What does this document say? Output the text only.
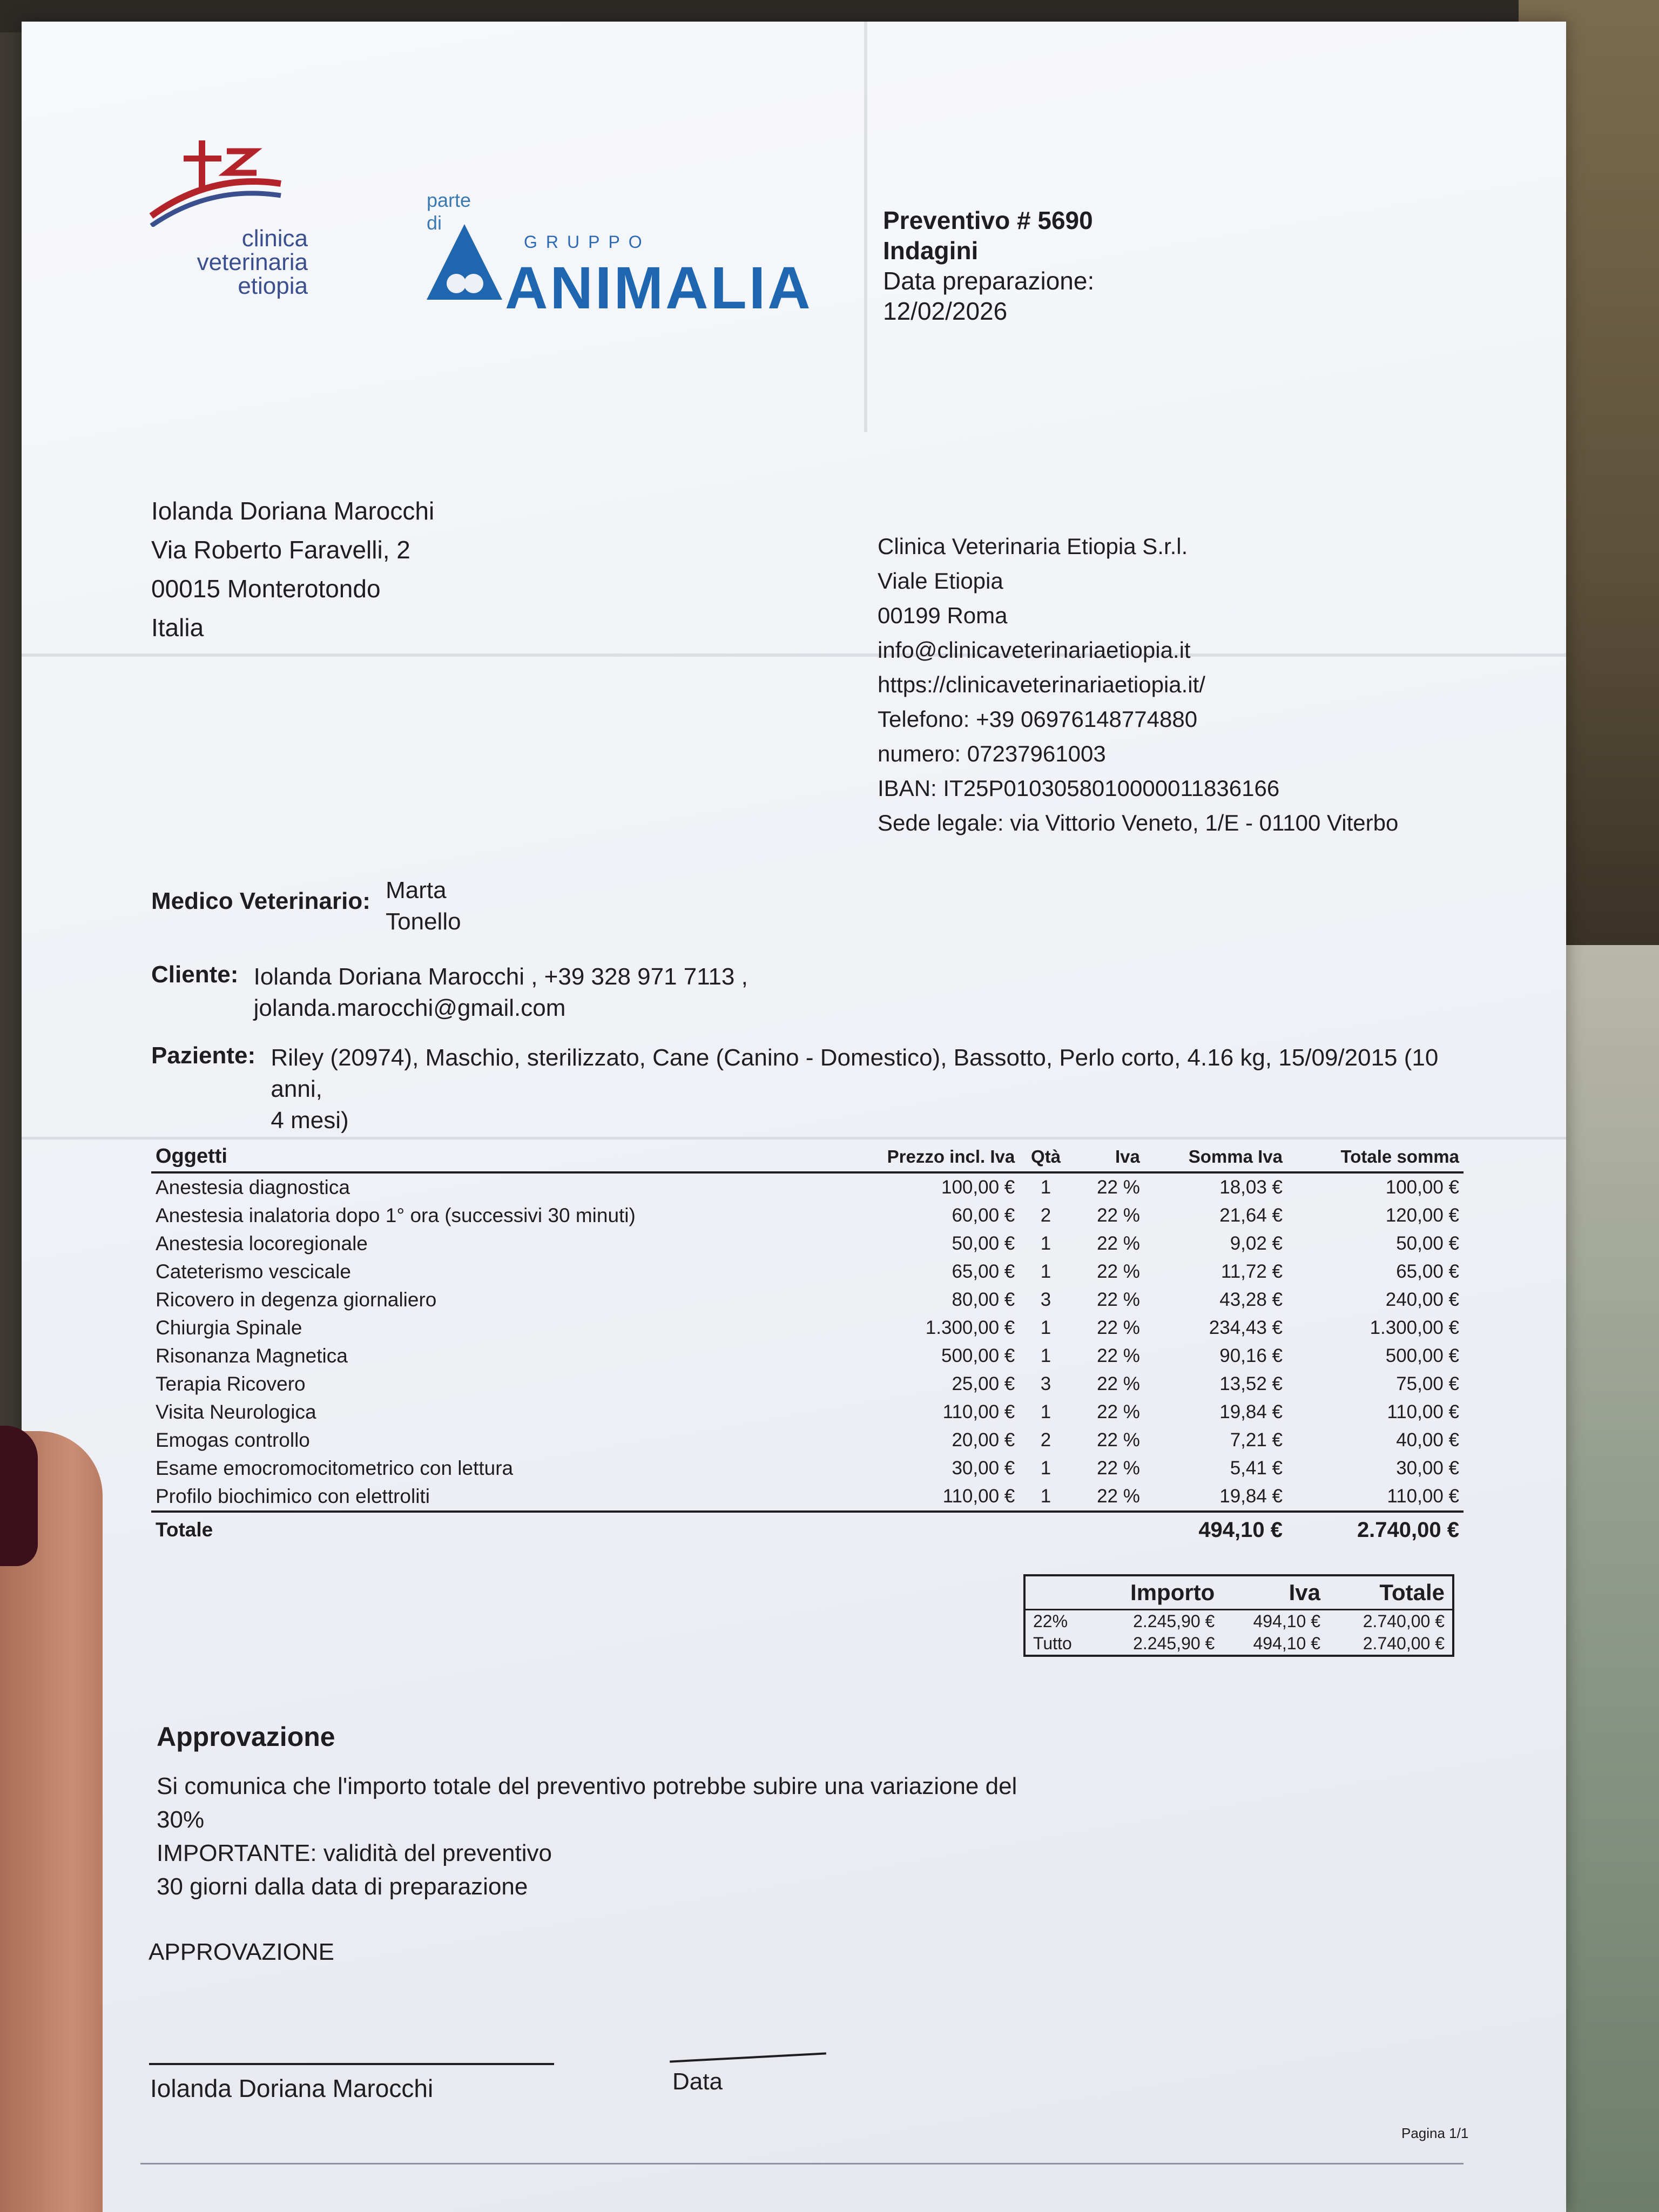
clinica
veterinaria
etiopia
parte di
GRUPPO
ANIMALIA
Preventivo # 5690
Indagini
Data preparazione:
12/02/2026
Iolanda Doriana Marocchi
Via Roberto Faravelli, 2
00015 Monterotondo
Italia
Clinica Veterinaria Etiopia S.r.l.
Viale Etiopia
00199 Roma
info@clinicaveterinariaetiopia.it
https://clinicaveterinariaetiopia.it/
Telefono: +39 06976148774880
numero: 07237961003
IBAN: IT25P0103058010000011836166
Sede legale: via Vittorio Veneto, 1/E - 01100 Viterbo
Medico Veterinario: Marta
Tonello
Cliente: Iolanda Doriana Marocchi , +39 328 971 7113 ,
jolanda.marocchi@gmail.com
Paziente: Riley (20974), Maschio, sterilizzato, Cane (Canino - Domestico), Bassotto, Perlo corto, 4.16 kg, 15/09/2015 (10 anni,
4 mesi)
Oggetti	Prezzo incl. Iva	Qtà	Iva	Somma Iva	Totale somma
Anestesia diagnostica	100,00 €	1	22 %	18,03 €	100,00 €
Anestesia inalatoria dopo 1° ora (successivi 30 minuti)	60,00 €	2	22 %	21,64 €	120,00 €
Anestesia locoregionale	50,00 €	1	22 %	9,02 €	50,00 €
Cateterismo vescicale	65,00 €	1	22 %	11,72 €	65,00 €
Ricovero in degenza giornaliero	80,00 €	3	22 %	43,28 €	240,00 €
Chiurgia Spinale	1.300,00 €	1	22 %	234,43 €	1.300,00 €
Risonanza Magnetica	500,00 €	1	22 %	90,16 €	500,00 €
Terapia Ricovero	25,00 €	3	22 %	13,52 €	75,00 €
Visita Neurologica	110,00 €	1	22 %	19,84 €	110,00 €
Emogas controllo	20,00 €	2	22 %	7,21 €	40,00 €
Esame emocromocitometrico con lettura	30,00 €	1	22 %	5,41 €	30,00 €
Profilo biochimico con elettroliti	110,00 €	1	22 %	19,84 €	110,00 €
Totale				494,10 €	2.740,00 €
	Importo	Iva	Totale
22%	2.245,90 €	494,10 €	2.740,00 €
Tutto	2.245,90 €	494,10 €	2.740,00 €
Approvazione
Si comunica che l'importo totale del preventivo potrebbe subire una variazione del
30%
IMPORTANTE: validità del preventivo
30 giorni dalla data di preparazione
APPROVAZIONE
Iolanda Doriana Marocchi	Data
Pagina 1/1
